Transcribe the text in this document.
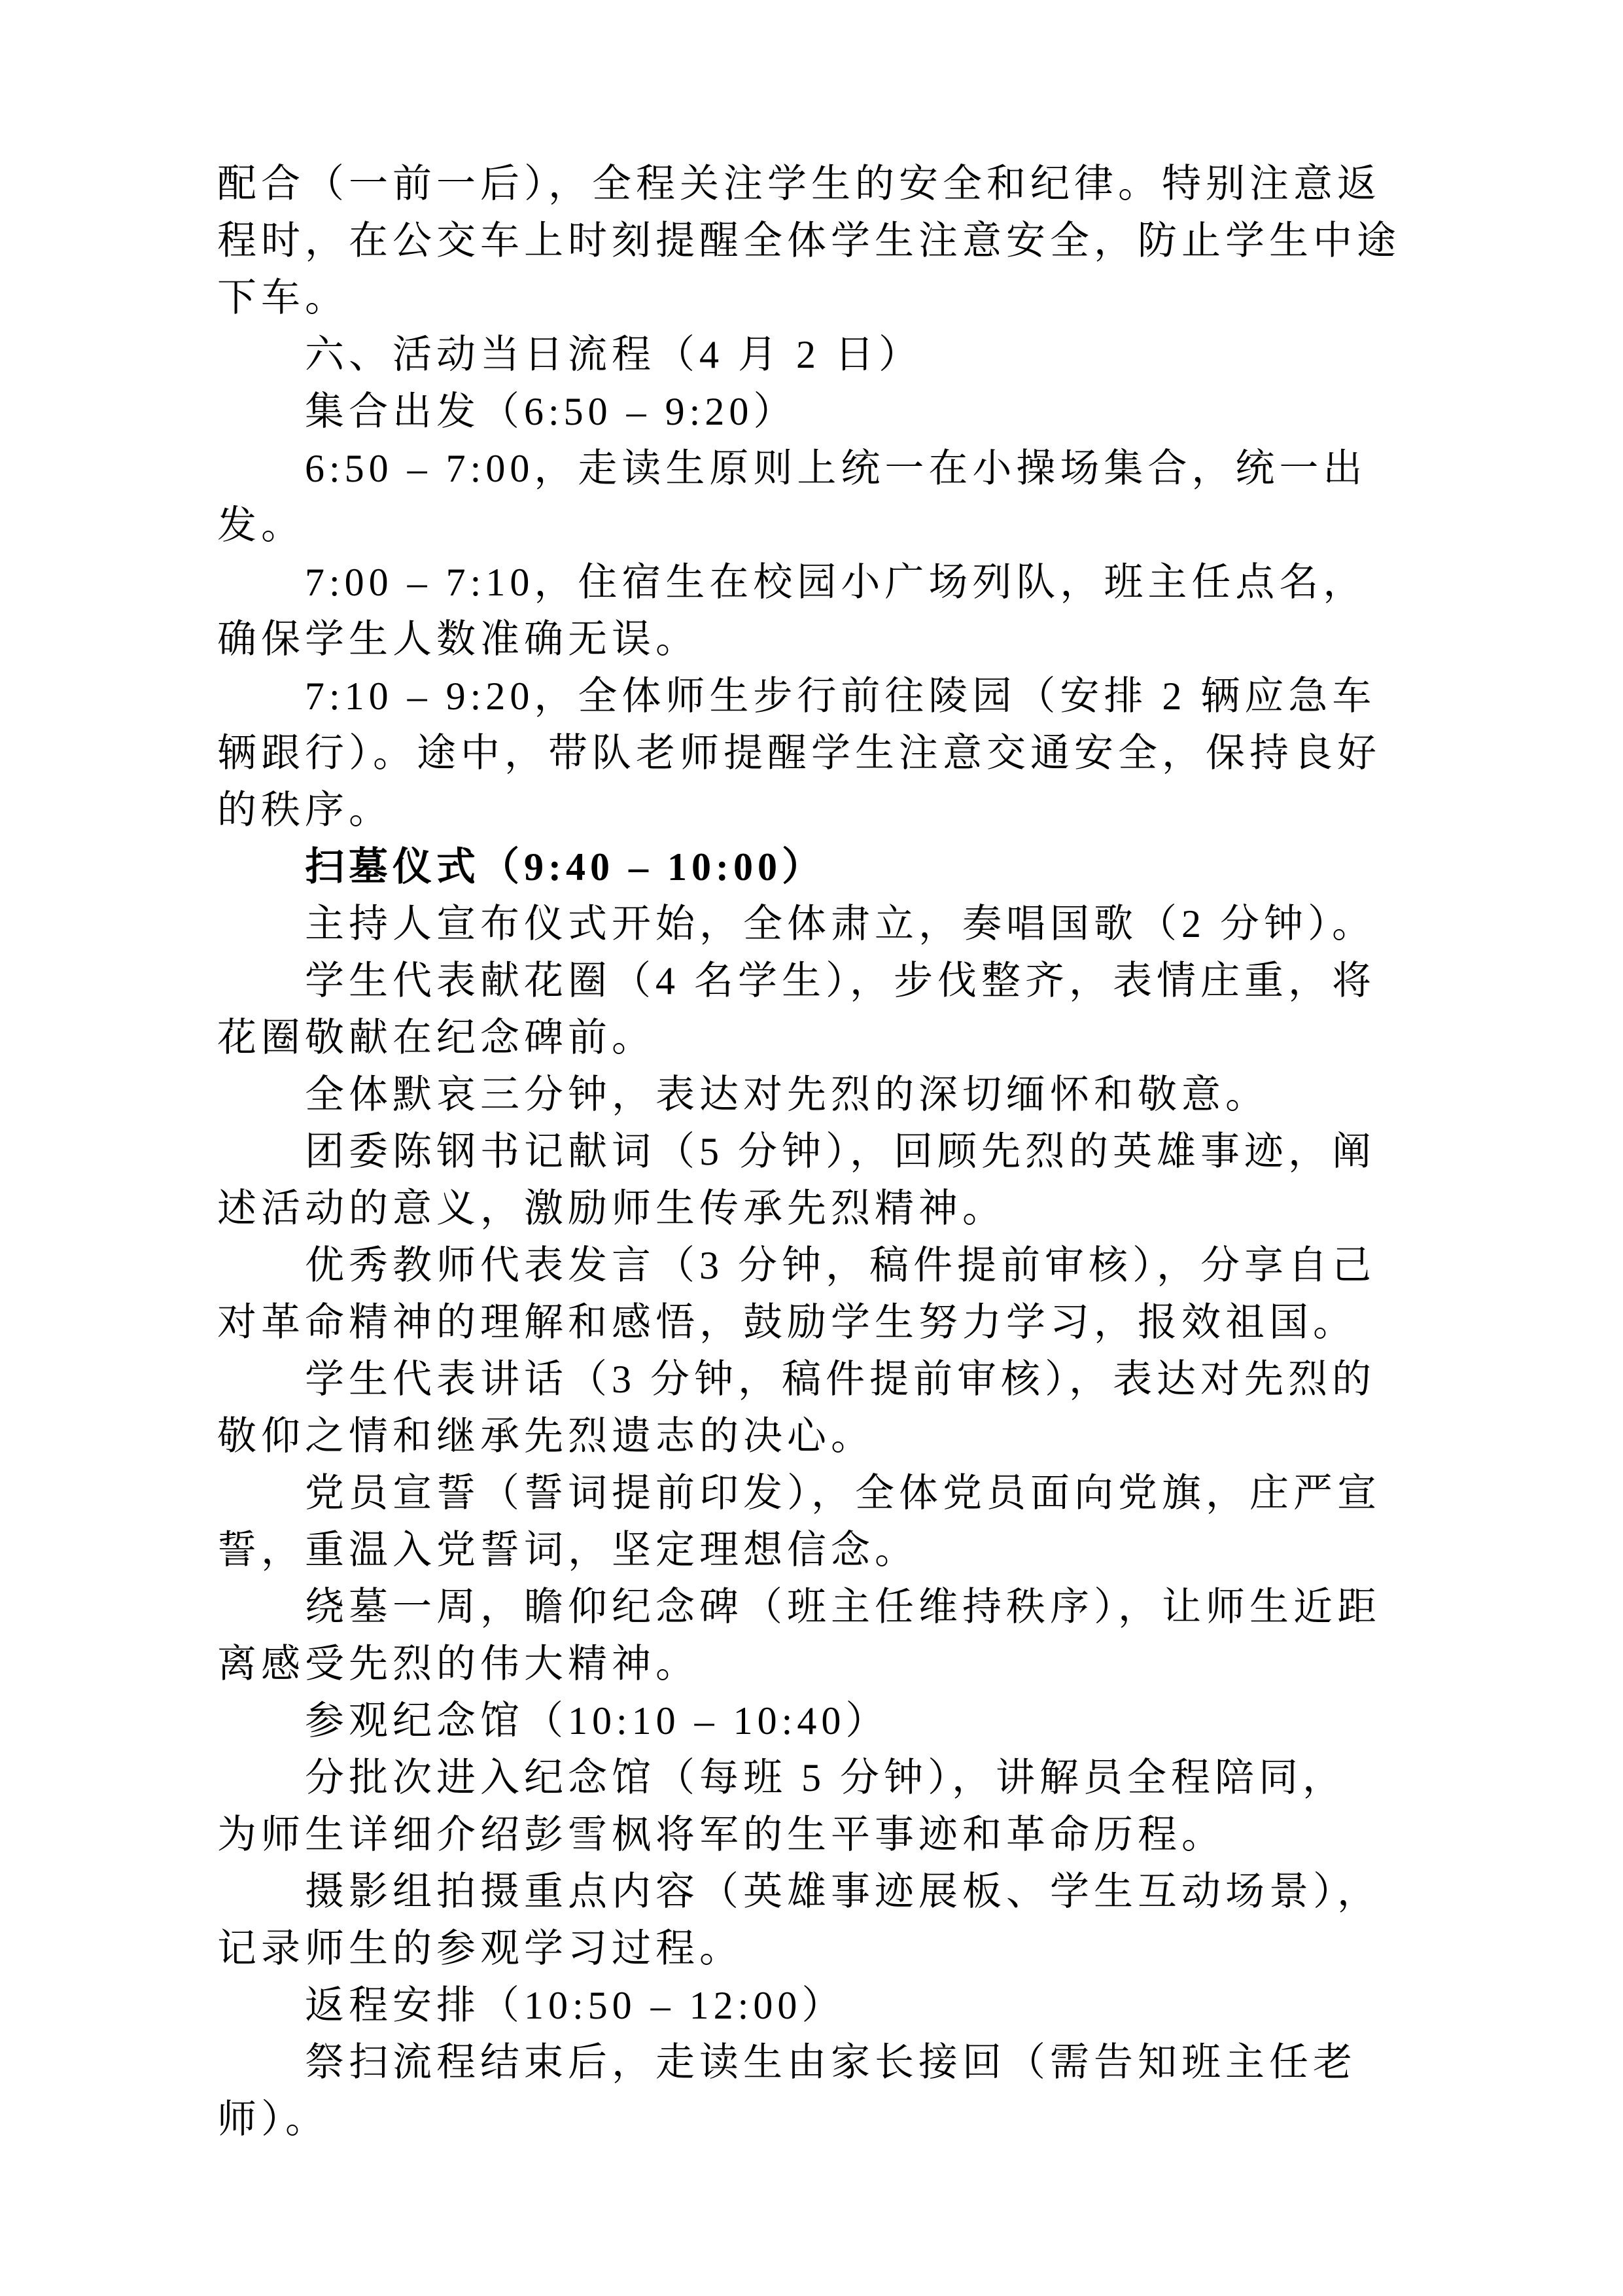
配合（一前一后），全程关注学生的安全和纪律。特别注意返
程时，在公交车上时刻提醒全体学生注意安全，防止学生中途
下车。
六、活动当日流程（4 月 2 日）
集合出发（6:50 – 9:20）
6:50 – 7:00，走读生原则上统一在小操场集合，统一出
发。
7:00 – 7:10，住宿生在校园小广场列队，班主任点名，
确保学生人数准确无误。
7:10 – 9:20，全体师生步行前往陵园（安排 2 辆应急车
辆跟行）。途中，带队老师提醒学生注意交通安全，保持良好
的秩序。
扫墓仪式（9:40 – 10:00）
主持人宣布仪式开始，全体肃立，奏唱国歌（2 分钟）。
学生代表献花圈（4 名学生），步伐整齐，表情庄重，将
花圈敬献在纪念碑前。
全体默哀三分钟，表达对先烈的深切缅怀和敬意。
团委陈钢书记献词（5 分钟），回顾先烈的英雄事迹，阐
述活动的意义，激励师生传承先烈精神。
优秀教师代表发言（3 分钟，稿件提前审核），分享自己
对革命精神的理解和感悟，鼓励学生努力学习，报效祖国。
学生代表讲话（3 分钟，稿件提前审核），表达对先烈的
敬仰之情和继承先烈遗志的决心。
党员宣誓（誓词提前印发），全体党员面向党旗，庄严宣
誓，重温入党誓词，坚定理想信念。
绕墓一周，瞻仰纪念碑（班主任维持秩序），让师生近距
离感受先烈的伟大精神。
参观纪念馆（10:10 – 10:40）
分批次进入纪念馆（每班 5 分钟），讲解员全程陪同，
为师生详细介绍彭雪枫将军的生平事迹和革命历程。
摄影组拍摄重点内容（英雄事迹展板、学生互动场景），
记录师生的参观学习过程。
返程安排（10:50 – 12:00）
祭扫流程结束后，走读生由家长接回（需告知班主任老
师）。
